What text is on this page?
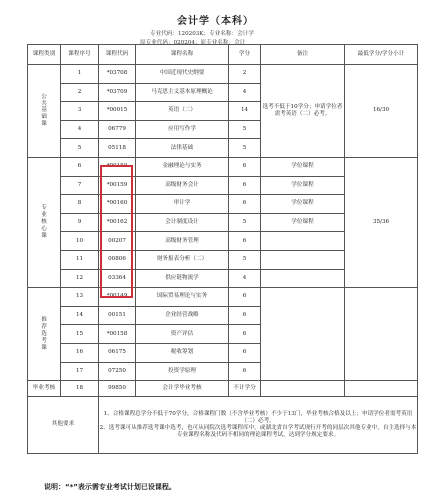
会计学（本科）
专业代码：120203K；专业名称：会计学
原专业代码：020204；原专业名称：会计
课程类别	课程序号	课程代码	课程名称	学分	备注	最低学分/学分小计

公
共
基
础
课	1	*03708	中国近现代史纲要	2	选考不低于10学分；申请学位者需考英语（二）必考。	16/30
	2	*03709	马克思主义基本原理概论	4		
	3	*00015	英语（二）	14		
	4	06779	应用写作学	5		
	5	05118	法律基础	5		

专
业
核
心
课	6	*00150	金融理论与实务	6	学位课程	35/36
	7	*00159	高级财务会计	6	学位课程	
	8	*00160	审计学	6	学位课程	
	9	*00162	会计制度设计	5	学位课程	
	10	00207	高级财务管理	6		
	11	00806	财务报表分析（二）	5		
	12	03364	供应链物流学	4		

推
荐
选
考
课	13	*00149	国际贸易理论与实务	6		
	14	00151	企业经营战略	6		
	15	*00158	资产评估	6		
	16	06175	税收筹划	6		
	17	07250	投资学原理	6		
毕业考核	18	99850	会计学毕业考核	不计学分		
其他要求		1、合格课程总学分不低于70学分，合格课程门数（不含毕业考核）不少于13门，毕业考核合格及以上；申请学位者需考英语（二）必考。
2、选考课可从推荐选考课中选考，也可从同院次选考课程库中，或湖北省自学考试现行开考的同层次其他专业中，自主选择与本专业课程名称及代码不相同的理论课程考试，达到学分规定要求。				
说明：“*”表示需专业考试计划已设课程。
